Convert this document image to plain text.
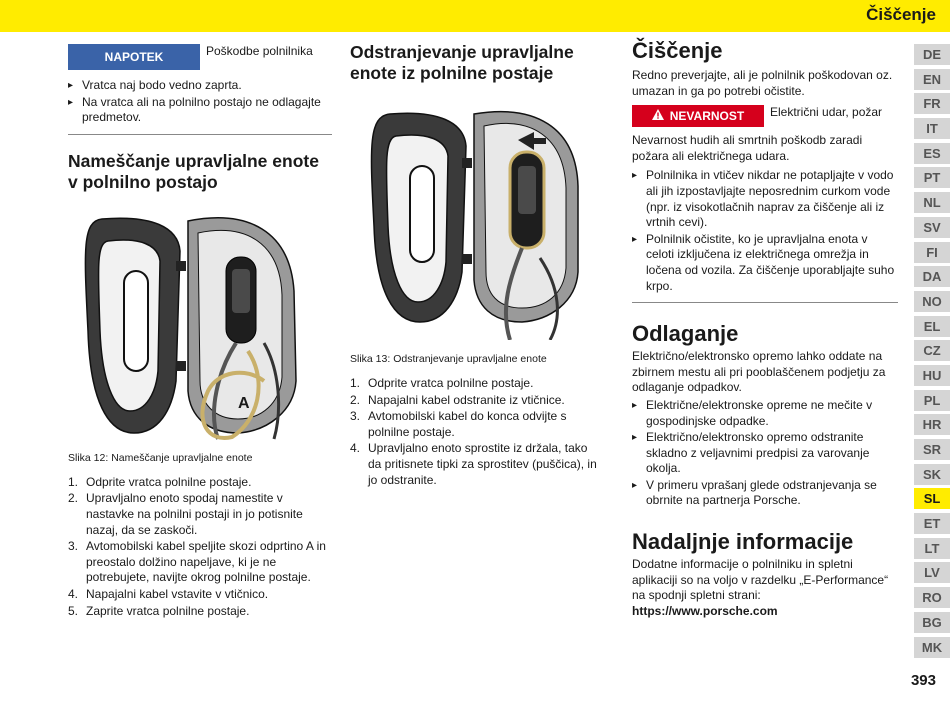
Čiščenje
NAPOTEK	Poškodbe polnilnika
▸ Vratca naj bodo vedno zaprta.
▸ Na vratca ali na polnilno postajo ne odlagajte predmetov.
Nameščanje upravljalne enote v polnilno postajo
A
Slika 12: Nameščanje upravljalne enote
1. Odprite vratca polnilne postaje.
2. Upravljalno enoto spodaj namestite v nastavke na polnilni postaji in jo potisnite nazaj, da se zaskoči.
3. Avtomobilski kabel speljite skozi odprtino A in preostalo dolžino napeljave, ki je ne potrebujete, navijte okrog polnilne postaje.
4. Napajalni kabel vstavite v vtičnico.
5. Zaprite vratca polnilne postaje.
Odstranjevanje upravljalne enote iz polnilne postaje
Slika 13: Odstranjevanje upravljalne enote
1. Odprite vratca polnilne postaje.
2. Napajalni kabel odstranite iz vtičnice.
3. Avtomobilski kabel do konca odvijte s polnilne postaje.
4. Upravljalno enoto sprostite iz držala, tako da pritisnete tipki za sprostitev (puščica), in jo odstranite.
Čiščenje

Redno preverjajte, ali je polnilnik poškodovan oz. umazan in ga po potrebi očistite.

NEVARNOST Električni udar, požar

Nevarnost hudih ali smrtnih poškodb zaradi požara ali električnega udara.

▸ Polnilnika in vtičev nikdar ne potapljajte v vodo ali jih izpostavljajte neposrednim curkom vode (npr. iz visokotlačnih naprav za čiščenje ali iz vrtnih cevi).
▸ Polnilnik očistite, ko je upravljalna enota v celoti izključena iz električnega omrežja in ločena od vozila. Za čiščenje uporabljajte suho krpo.
Odlaganje

Električno/elektronsko opremo lahko oddate na zbirnem mestu ali pri pooblaščenem podjetju za odlaganje odpadkov.

▸ Električne/elektronske opreme ne mečite v gospodinjske odpadke.
▸ Električno/elektronsko opremo odstranite skladno z veljavnimi predpisi za varovanje okolja.
▸ V primeru vprašanj glede odstranjevanja se obrnite na partnerja Porsche.
Nadaljnje informacije

Dodatne informacije o polnilniku in spletni aplikaciji so na voljo v razdelku „E-Performance“ na spodnji spletni strani: https://www.porsche.com

DE
EN
FR
IT
ES
PT
NL
SV
FI
DA
NO
EL
CZ
HU
PL
HR
SR
SK
SL
ET
LT
LV
RO
BG
MK
393
